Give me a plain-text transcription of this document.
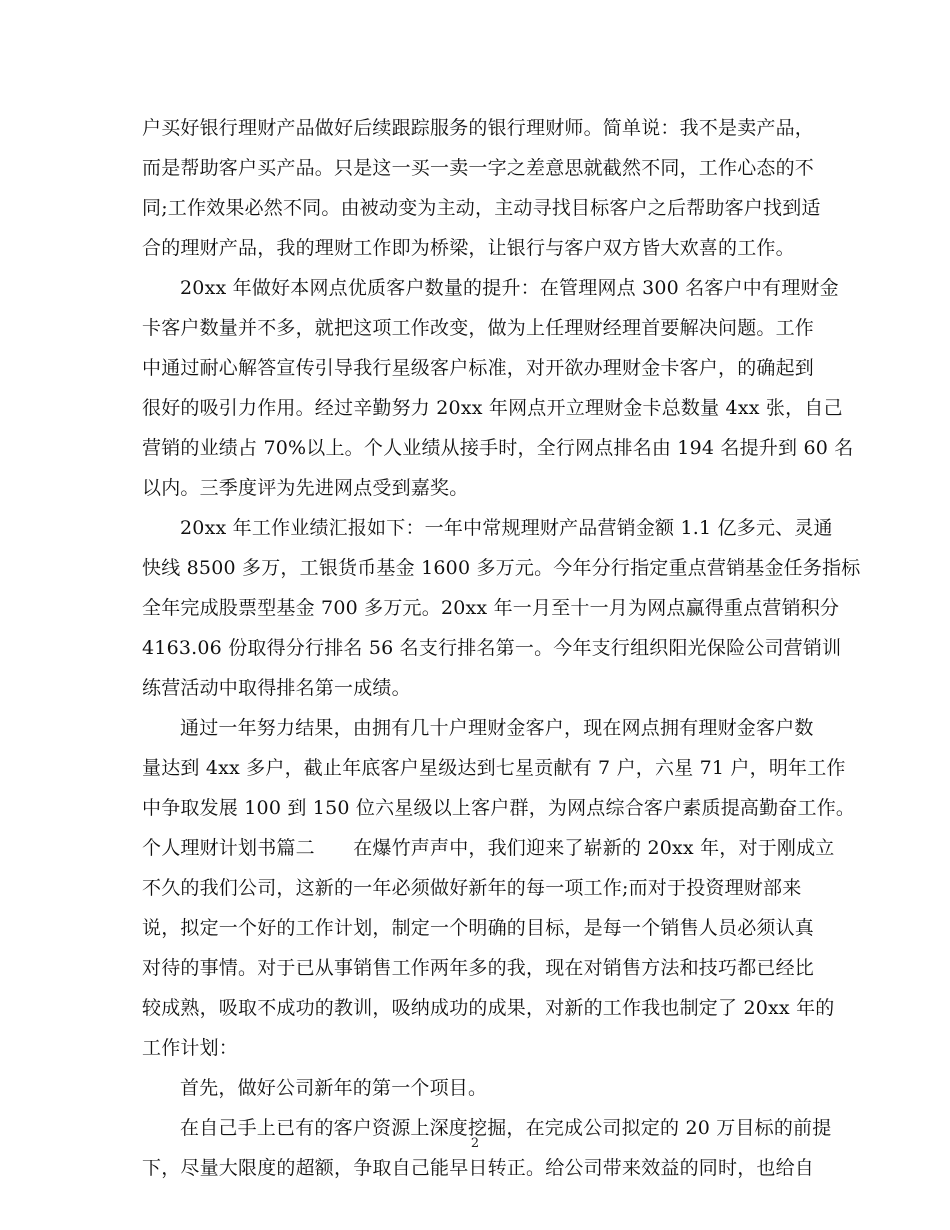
户买好银行理财产品做好后续跟踪服务的银行理财师。简单说：我不是卖产品，
而是帮助客户买产品。只是这一买一卖一字之差意思就截然不同，工作心态的不
同;工作效果必然不同。由被动变为主动，主动寻找目标客户之后帮助客户找到适
合的理财产品，我的理财工作即为桥梁，让银行与客户双方皆大欢喜的工作。
20xx 年做好本网点优质客户数量的提升：在管理网点 300 名客户中有理财金
卡客户数量并不多，就把这项工作改变，做为上任理财经理首要解决问题。工作
中通过耐心解答宣传引导我行星级客户标准，对开欲办理财金卡客户，的确起到
很好的吸引力作用。经过辛勤努力 20xx 年网点开立理财金卡总数量 4xx 张，自己
营销的业绩占 70%以上。个人业绩从接手时，全行网点排名由 194 名提升到 60 名
以内。三季度评为先进网点受到嘉奖。
20xx 年工作业绩汇报如下：一年中常规理财产品营销金额 1.1 亿多元、灵通
快线 8500 多万，工银货币基金 1600 多万元。今年分行指定重点营销基金任务指标
全年完成股票型基金 700 多万元。20xx 年一月至十一月为网点赢得重点营销积分
4163.06 份取得分行排名 56 名支行排名第一。今年支行组织阳光保险公司营销训
练营活动中取得排名第一成绩。
通过一年努力结果，由拥有几十户理财金客户，现在网点拥有理财金客户数
量达到 4xx 多户，截止年底客户星级达到七星贡献有 7 户，六星 71 户，明年工作
中争取发展 100 到 150 位六星级以上客户群，为网点综合客户素质提高勤奋工作。
个人理财计划书篇二　　在爆竹声声中，我们迎来了崭新的 20xx 年，对于刚成立
不久的我们公司，这新的一年必须做好新年的每一项工作;而对于投资理财部来
说，拟定一个好的工作计划，制定一个明确的目标，是每一个销售人员必须认真
对待的事情。对于已从事销售工作两年多的我，现在对销售方法和技巧都已经比
较成熟，吸取不成功的教训，吸纳成功的成果，对新的工作我也制定了 20xx 年的
工作计划：
首先，做好公司新年的第一个项目。
在自己手上已有的客户资源上深度挖掘，在完成公司拟定的 20 万目标的前提
下，尽量大限度的超额，争取自己能早日转正。给公司带来效益的同时，也给自
2
